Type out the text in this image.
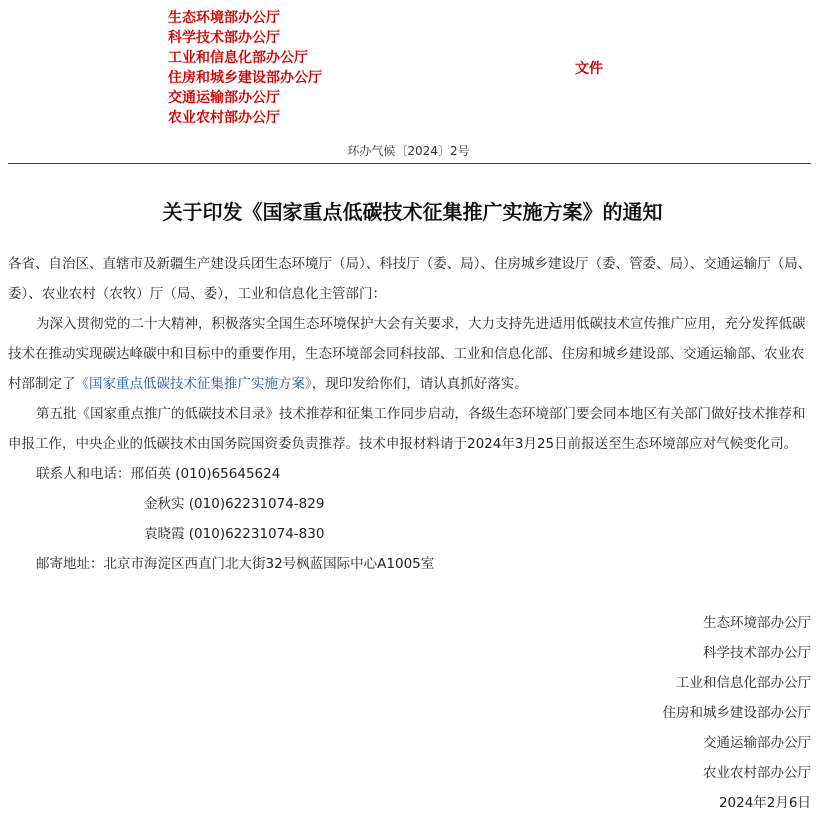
生态环境部办公厅
科学技术部办公厅
工业和信息化部办公厅
住房和城乡建设部办公厅
交通运输部办公厅
农业农村部办公厅
文件
环办气候〔2024〕2号
关于印发《国家重点低碳技术征集推广实施方案》的通知

各省、自治区、直辖市及新疆生产建设兵团生态环境厅（局）、科技厅（委、局）、住房城乡建设厅（委、管委、局）、交通运输厅（局、委）、农业农村（农牧）厅（局、委），工业和信息化主管部门：

为深入贯彻党的二十大精神，积极落实全国生态环境保护大会有关要求，大力支持先进适用低碳技术宣传推广应用，充分发挥低碳技术在推动实现碳达峰碳中和目标中的重要作用，生态环境部会同科技部、工业和信息化部、住房和城乡建设部、交通运输部、农业农村部制定了《国家重点低碳技术征集推广实施方案》，现印发给你们，请认真抓好落实。

第五批《国家重点推广的低碳技术目录》技术推荐和征集工作同步启动，各级生态环境部门要会同本地区有关部门做好技术推荐和申报工作，中央企业的低碳技术由国务院国资委负责推荐。技术申报材料请于2024年3月25日前报送至生态环境部应对气候变化司。

联系人和电话：邢佰英 (010)65645624

金秋实 (010)62231074-829

袁晓霞 (010)62231074-830

邮寄地址：北京市海淀区西直门北大街32号枫蓝国际中心A1005室

生态环境部办公厅
科学技术部办公厅
工业和信息化部办公厅
住房和城乡建设部办公厅
交通运输部办公厅
农业农村部办公厅
2024年2月6日
